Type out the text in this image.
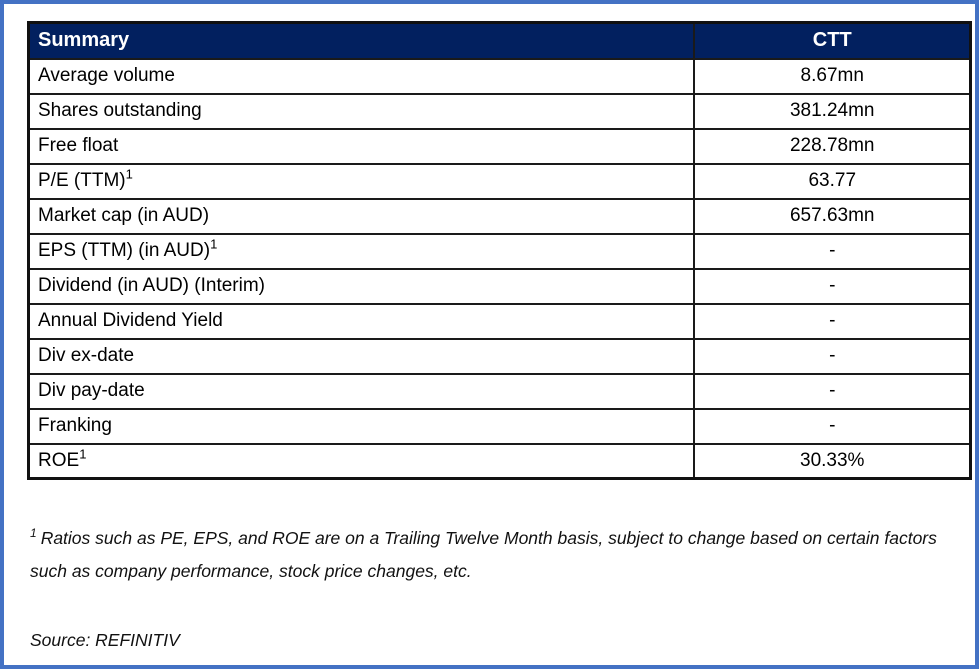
Summary	CTT
Average volume	8.67mn
Shares outstanding	381.24mn
Free float	228.78mn
P/E (TTM)$^1$	63.77
Market cap (in AUD)	657.63mn
EPS (TTM) (in AUD)$^1$	-
Dividend (in AUD) (Interim)	-
Annual Dividend Yield	-
Div ex-date	-
Div pay-date	-
Franking	-
ROE$^1$	30.33%

$^1$ Ratios such as PE, EPS, and ROE are on a Trailing Twelve Month basis, subject to change based on certain factors such as company performance, stock price changes, etc.

Source: REFINITIV
